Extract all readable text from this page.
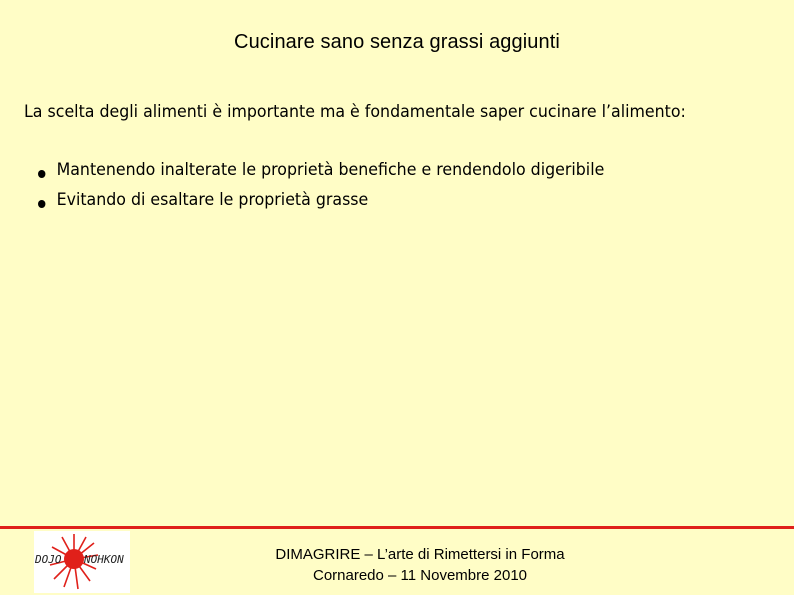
Cucinare sano senza grassi aggiunti
La scelta degli alimenti è importante ma è fondamentale saper cucinare l’alimento:
Mantenendo inalterate le proprietà benefiche e rendendolo digeribile
Evitando di esaltare le proprietà grasse
DOJO NOHKON	DIMAGRIRE – L’arte di Rimettersi in Forma
Cornaredo – 11 Novembre 2010
